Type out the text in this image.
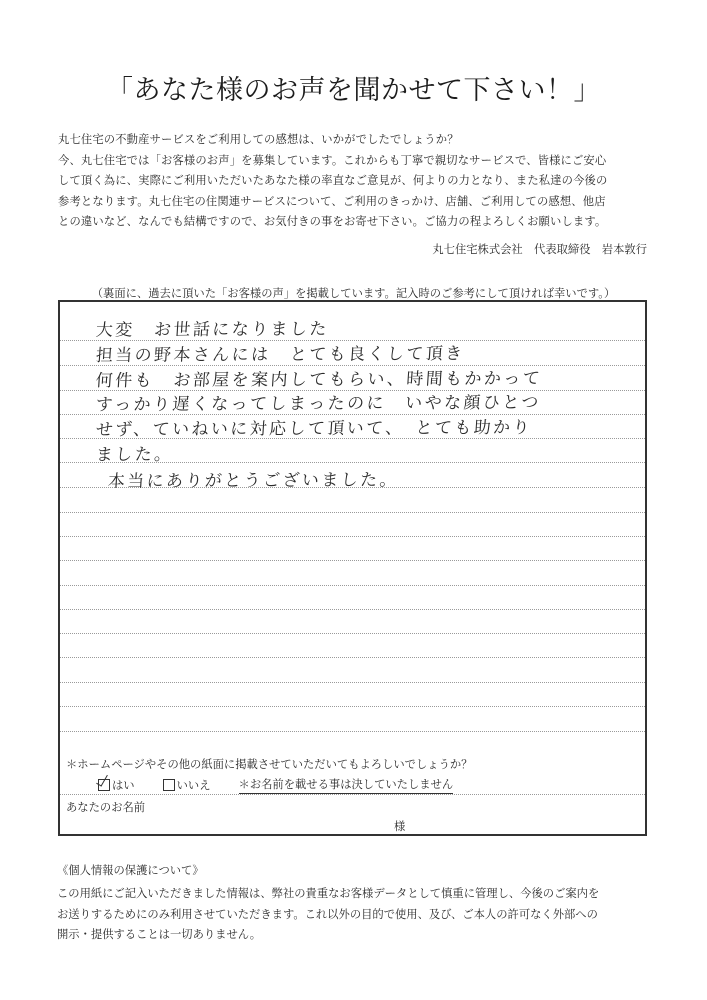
「あなた様のお声を聞かせて下さい！」

丸七住宅の不動産サービスをご利用しての感想は、いかがでしたでしょうか？

今、丸七住宅では「お客様のお声」を募集しています。これからも丁寧で親切なサービスで、皆様にご安心

して頂く為に、実際にご利用いただいたあなた様の率直なご意見が、何よりの力となり、また私達の今後の

参考となります。丸七住宅の住関連サービスについて、ご利用のきっかけ、店舗、ご利用しての感想、他店

との違いなど、なんでも結構ですので、お気付きの事をお寄せ下さい。ご協力の程よろしくお願いします。

丸七住宅株式会社　代表取締役　岩本敦行
（裏面に、過去に頂いた「お客様の声」を掲載しています。記入時のご参考にして頂ければ幸いです。）
大変　お世話になりました
担当の野本さんには　とても良くして頂き
何件も　お部屋を案内してもらい、時間もかかって
すっかり遅くなってしまったのに　いやな顔ひとつ
せず、ていねいに対応して頂いて、　とても助かり
ました。
本当にありがとうございました。
＊ホームページやその他の紙面に掲載させていただいてもよろしいでしょうか？
はい	いいえ ＊お名前を載せる事は決していたしません
あなたのお名前
様
《個人情報の保護について》

この用紙にご記入いただきました情報は、弊社の貴重なお客様データとして慎重に管理し、今後のご案内を

お送りするためにのみ利用させていただきます。これ以外の目的で使用、及び、ご本人の許可なく外部への

開示・提供することは一切ありません。
